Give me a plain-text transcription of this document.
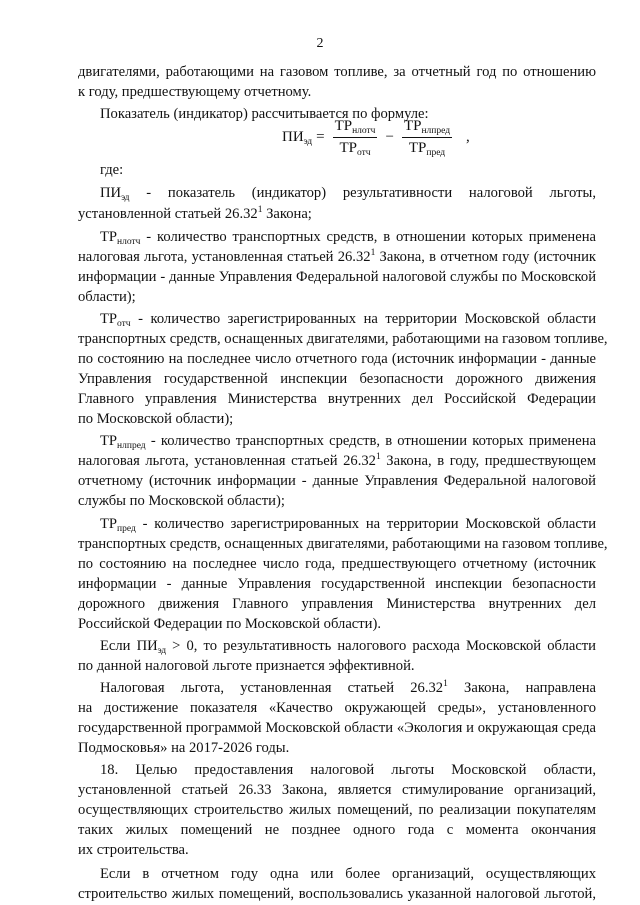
2
двигателями, работающими на газовом топливе, за отчетный год по отношению
к году, предшествующему отчетному.
Показатель (индикатор) рассчитывается по формуле:
$ПИ_{эд} = \frac{ТР_{нлотч}}{ТР_{отч}} - \frac{ТР_{нлпред}}{ТР_{пред}}$ ,
где:
$ПИ_{эд}$ - показатель (индикатор) результативности налоговой льготы,
установленной статьей 26.32$^1$ Закона;
$ТР_{нлотч}$ - количество транспортных средств, в отношении которых применена
налоговая льгота, установленная статьей 26.32$^1$ Закона, в отчетном году (источник
информации - данные Управления Федеральной налоговой службы по Московской
области);
$ТР_{отч}$ - количество зарегистрированных на территории Московской области
транспортных средств, оснащенных двигателями, работающими на газовом топливе,
по состоянию на последнее число отчетного года (источник информации - данные
Управления государственной инспекции безопасности дорожного движения
Главного управления Министерства внутренних дел Российской Федерации
по Московской области);
$ТР_{нлпред}$ - количество транспортных средств, в отношении которых применена
налоговая льгота, установленная статьей 26.32$^1$ Закона, в году, предшествующем
отчетному (источник информации - данные Управления Федеральной налоговой
службы по Московской области);
$ТР_{пред}$ - количество зарегистрированных на территории Московской области
транспортных средств, оснащенных двигателями, работающими на газовом топливе,
по состоянию на последнее число года, предшествующего отчетному (источник
информации - данные Управления государственной инспекции безопасности
дорожного движения Главного управления Министерства внутренних дел
Российской Федерации по Московской области).
Если $ПИ_{эд} > 0$, то результативность налогового расхода Московской области
по данной налоговой льготе признается эффективной.
Налоговая льгота, установленная статьей 26.32$^1$ Закона, направлена
на достижение показателя «Качество окружающей среды», установленного
государственной программой Московской области «Экология и окружающая среда
Подмосковья» на 2017-2026 годы.
18. Целью предоставления налоговой льготы Московской области,
установленной статьей 26.33 Закона, является стимулирование организаций,
осуществляющих строительство жилых помещений, по реализации покупателям
таких жилых помещений не позднее одного года с момента окончания
их строительства.
Если в отчетном году одна или более организаций, осуществляющих
строительство жилых помещений, воспользовались указанной налоговой льготой,
